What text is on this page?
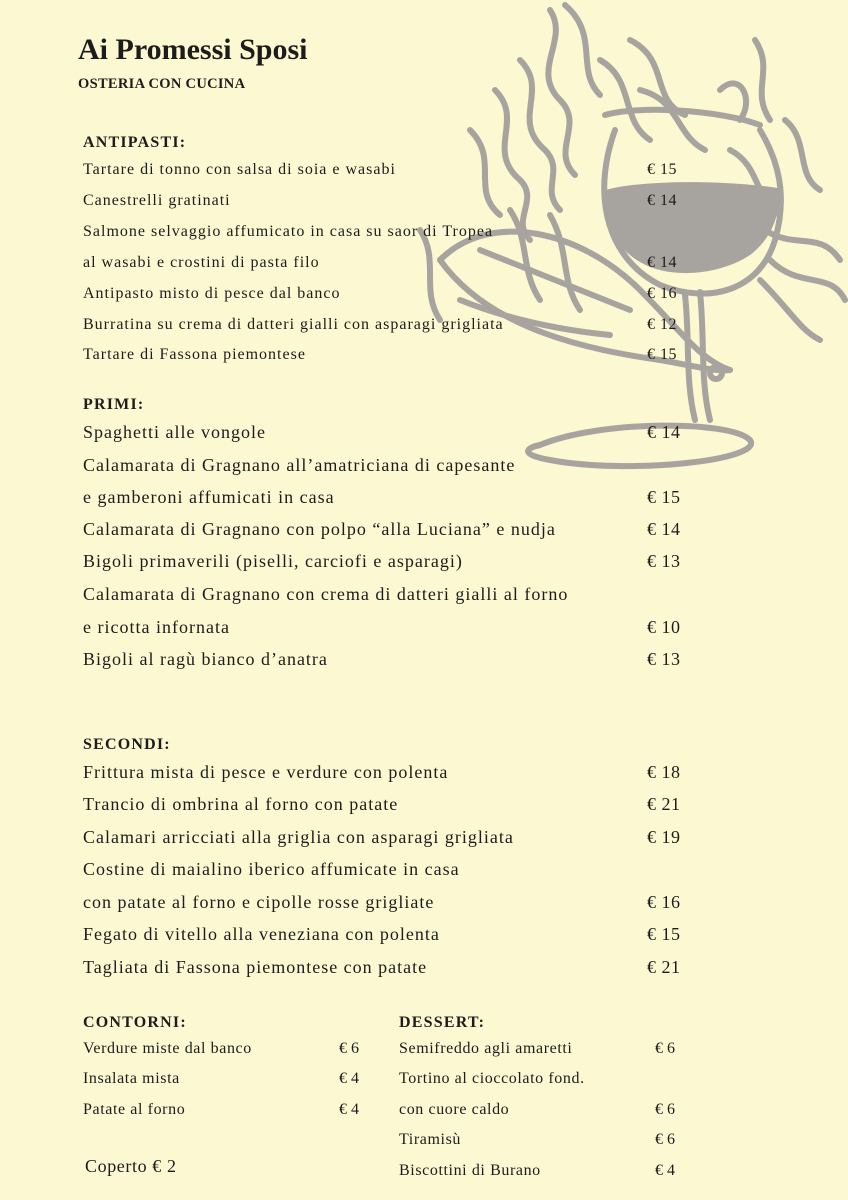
Ai Promessi Sposi
OSTERIA CON CUCINA
ANTIPASTI:
Tartare di tonno con salsa di soia e wasabi	€ 15
Canestrelli gratinati	€ 14
Salmone selvaggio affumicato in casa su saor di Tropea
al wasabi e crostini di pasta filo	€ 14
Antipasto misto di pesce dal banco	€ 16
Burratina su crema di datteri gialli con asparagi grigliata	€ 12
Tartare di Fassona piemontese	€ 15
PRIMI:
Spaghetti alle vongole	€ 14
Calamarata di Gragnano all’amatriciana di capesante
e gamberoni affumicati in casa	€ 15
Calamarata di Gragnano con polpo “alla Luciana” e nudja	€ 14
Bigoli primaverili (piselli, carciofi e asparagi)	€ 13
Calamarata di Gragnano con crema di datteri gialli al forno
e ricotta infornata	€ 10
Bigoli al ragù bianco d’anatra	€ 13
SECONDI:
Frittura mista di pesce e verdure con polenta	€ 18
Trancio di ombrina al forno con patate	€ 21
Calamari arricciati alla griglia con asparagi grigliata	€ 19
Costine di maialino iberico affumicate in casa
con patate al forno e cipolle rosse grigliate	€ 16
Fegato di vitello alla veneziana con polenta	€ 15
Tagliata di Fassona piemontese con patate	€ 21
CONTORNI:
Verdure miste dal banco	€ 6
Insalata mista	€ 4
Patate al forno	€ 4
DESSERT:
Semifreddo agli amaretti	€ 6
Tortino al cioccolato fond.
con cuore caldo	€ 6
Tiramisù	€ 6
Biscottini di Burano	€ 4
Coperto € 2
